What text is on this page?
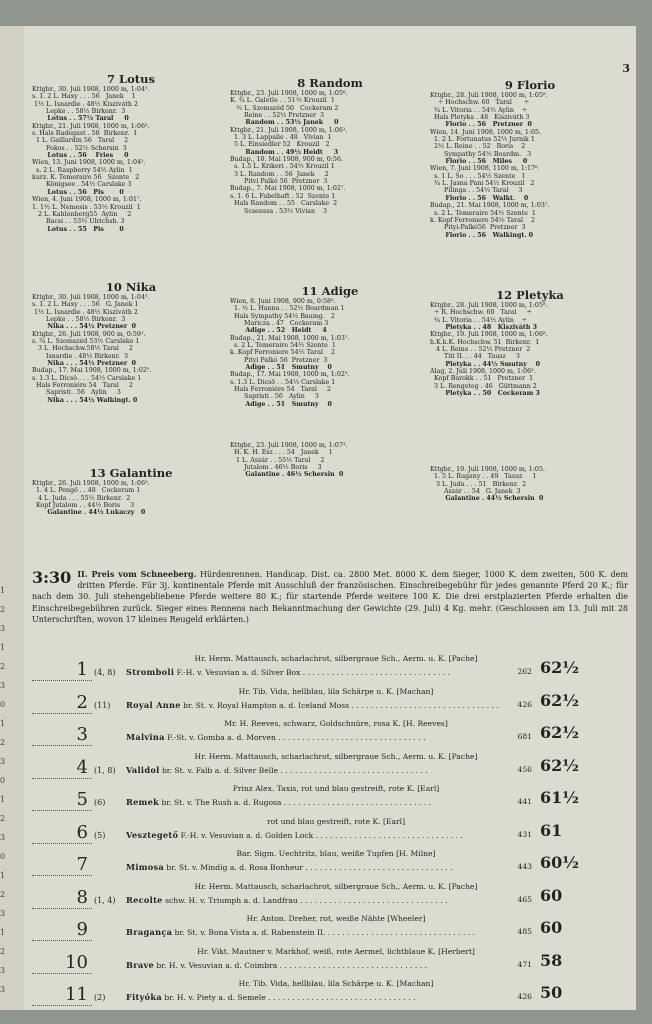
1
2
3
1
2
3
0
1
2
3
0
1
2
3
0
1
2
3
1
2
3
3
3
7 Lotus
Kttgbr., 30. Juli 1908, 1000 m, 1:04⁵.
s. 1. 2 L. Haxy . . . 56   Janek    1
1½ L. Isnardie . 48½ Kisziváth 2
Lepke . . 58½ Birkenr.  3
Lotus . . 57½ Taral     0
Kttgbr., 21. Juli 1908, 1000 m, 1:06².
s. Hals Radegast . 58  Birkenr.  1
1 L. Gaillardin 56   Taral     2
Fokos . . 52½ Schersin  3
Lotus . . 56    Fries     0
Wien, 13. Juni 1908, 1000 m, 1:04².
s. 2 L. Raspberry 54½ Aylin  1
kurz. K. Temeraire 56   Szente   2
Königsee . 54½ Carslake 3
Lotus . . 56   Pis       0
Wien, 4. Juni 1908, 1000 m, 1:01⁷.
1. 1½ L. Nemesis . 53½ Krouzil  1
2 L. Kahlenberg55  Aylin     2
Bacsi . . 53½ Ulrichsh. 3
Lotus . . 55   Pis       0
8 Random
Kttgbr., 23. Juli 1908, 1000 m, 1:05⁶.
K. ¾ L. Galetle . . 51½ Krouzil  1
½ L. Szomszéd 50   Cockeram 2
Reine . . 52½ Pretzner  3
Random . . 53½ Janek     0
Kttgbr., 21. Juli 1908, 1000 m, 1:06¹.
1. 3 L. Lappalie . 48   Vivian  1
5 L. Einsiedler 52   Krouzil   2
Random . . 49½ Heidt     3
Budap., 10. Mai 1908, 900 m, 0:56.
s. 1.5 L. Krikeri . 54½ Krouzil 1
3 L. Random . . 56  Janek     2
Pitvi Palkó 56  Pretzner  3
Budap., 7. Mai 1908, 1000 m, 1:02⁷.
s. 1. 6 L. Fabelhaft . 52  Szente 1
Hals Random . . 55   Carslake  2
Scsesusa . 53½ Vivian    3
9 Florio
Kttgbr., 28. Juli 1908, 1000 m, 1:05⁸.
÷ Hochschw. 60   Taral      ÷
¾ L. Vitoria . . 54½ Aylin    ÷
Hals Pletyka . 48   Kisziváth 3
Florio . . 56   Pretzner  0
Wien, 14. Juni 1908, 1000 m, 1:05.
1. 2 L. Fortunatus 52½ Jurnik 1
2½ L. Reine . . 52   Boris    2
Sympathy 54½ Boardm.   3
Florio . . 56   Miles     0
Wien, 7. Juni 1908, 1100 m, 1:17⁶.
s. 1 L. So . . . 54½ Szente   1
¾ L. Jasna Pani 54½ Krouzil   2
Pilinga . . 54½ Taral     3
Florio . . 56   Walkt.    0
Budap., 21. Mai 1908, 1000 m, 1:03⁷.
s. 2 L. Temeraire 54½ Szente  1
k. Kopf Ferroniere 54½ Taral    2
Pityi-Palkó56  Pretzner  3
Florio . . 56   Walkingt. 0
10 Nika
Kttgbr., 30. Juli 1908, 1000 m, 1:04⁵.
s. 1. 2 L. Haxy . . . 56   G. Janek 1
1½ L. Isnardie . 48½ Kisziváth 2
Lepke . . 58½ Birkenr.  3
Nika . . . 54½ Pretzner  0
Kttgbr., 26. Juli 1908, 900 m, 0:59¹.
s. ¾ L. Szomszéd 53½ Carslake 1
3 L. Hochschw.58½ Taral     2
Isnardie . 48½ Birkenr.  3
Nika . . . 54½ Pretzner  0
Budap., 17. Mai 1908, 1000 m, 1:02⁵.
s. 1.3 L. Dicsö . . . 54½ Carslake 1
Hals Ferroniére 54   Taral     2
Sapristi . 56   Aylin     3
Nika . . . 54½ Walkingt. 0
11 Adige
Wien, 8. Juni 1908, 900 m, 0:58³.
1. ½ L. Hanna . . 52½ Boardman 1
Hals Sympathy 54½ Baumg.   2
Maricza . 47   Cockeram 3
Adige . . 52   Heidt     4
Budap., 21. Mai 1908, 1000 m, 1:03⁷.
s. 2 L. Temeraire 54½ Szente  1
k. Kopf Ferroniere 54½ Taral    2
Pityi Palkó 56  Pretzner  3
Adige . . 51   Smutny    0
Budap., 17. Mai 1908, 1000 m, 1:02⁵.
s. 1.3 L. Dicsö . . 54½ Carslake 1
Hals Ferroniére 54   Taral     2
Sapristi . 56   Aylin     3
Adige . . 51   Smutny    0
12 Pletyka
Kttgbr., 28. Juli 1908, 1000 m, 1:05⁸.
÷ R. Hochschw. 60   Taral     ÷
¾ L. Vitoria . . 54½ Aylin    ÷
Pletyka . . 48   Kisziváth 3
Kttgbr., 19. Juli 1908, 1000 m, 1:06⁸.
h.K.k.K. Hochschw. 51  Birkenr.  1
4 L. Reine . . 52½ Pretzner  2
Titi II. . . 44   Tausz     3
Pletyka . . 44½ Smutny    0
Alag, 2. Juli 1908, 1000 m, 1:06².
Kopf Barokk . . 51   Pretzner  1
3 L. Rengeteg . 46   Güttmann 2
Pletyka . . 50   Cockeram 3
13 Galantine
Kttgbr., 26. Juli 1908, 1000 m, 1:06⁹.
1. 4 L. Pengö . . 48   Cockeram 1
4 L. Juda . . . 55½ Birkenr.  2
Kopf Jutalom . . 44½ Boris     3
Galantine . 44½ Lukaczy   0
Kttgbr., 23. Juli 1908, 1000 m, 1:07³.
H. K. H. Esz . . . 54   Janek     1
1 L. Aszár . . 55½ Taral     2
Jutalom . 46½ Boris     3
Galantine . 46½ Schersin  0
Kttgbr., 19. Juli 1908, 1000 m, 1:05.
1. 5 L. Rugany . . 49   Tausz     1
3 L. Juda . . . 51   Birkenr.  2
Aszár . . 54   G. Janek  3
Galantine . 44½ Schersin  0
3:30 II. Preis vom Schneeberg. Hürdenrennen. Handicap. Dist. ca. 2800 Met. 8000 K. dem Sieger, 1000 K. dem zweiten, 500 K. dem dritten Pferde. Für 3j. kontinentale Pferde mit Ausschluß der französischen. Einschreibegebühr für jedes genannte Pferd 20 K.; für nach dem 30. Juli stehengebliebene Pferde weitere 80 K.; für startende Pferde weitere 100 K. Die drei erstplazierten Pferde erhalten die Einschreibegebühren zurück. Sieger eines Rennens nach Bekanntmachung der Gewichte (29. Juli) 4 Kg. mehr. (Geschlossen am 13. Juli mit 28 Unterschriften, wovon 17 kleines Reugeld erklärten.)
1 (4, 8)
Hr. Herm. Mattausch, scharlachrot, silbergraue Sch., Aerm. u. K. [Pache]
Stromboli F.-H. v. Vesuvian a. d. Silver Box . . . . . . . . . . . . . . . . . . . . . . . . . . . . . . .	262 62½
2 (11)
Hr. Tib. Vida, hellblau, lila Schärpe u. K. [Machan]
Royal Anne br. St. v. Royal Hampton a. d. Iceland Moss . . . . . . . . . . . . . . . . . . . . . . . . . . . . . . .	426 62½
3
Mr. H. Reeves, schwarz, Goldschnüre, rosa K. [H. Reeves]
Malvina F.-St. v. Gomba a. d. Morven . . . . . . . . . . . . . . . . . . . . . . . . . . . . . . .	681 62½
4 (1, 8)
Hr. Herm. Mattausch, scharlachrot, silbergraue Sch., Aerm. u. K. [Pache]
Validol br. St. v. Falb a. d. Silver Belle . . . . . . . . . . . . . . . . . . . . . . . . . . . . . . .	456 62½
5 (6)
Prinz Alex. Taxis, rot und blau gestreift, rote K. [Earl]
Remek br. St. v. The Rush a. d. Rugosa . . . . . . . . . . . . . . . . . . . . . . . . . . . . . . .	441 61½
6 (5)
rot und blau gestreift, rote K. [Earl]
Vesztegető F.-H. v. Vesuvian a. d. Golden Lock . . . . . . . . . . . . . . . . . . . . . . . . . . . . . . .	431 61
7
Bar. Sigm. Uechtritz, blau, weiße Tupfen [H. Milne]
Mimosa br. St. v. Mindig a. d. Rosa Bonheur . . . . . . . . . . . . . . . . . . . . . . . . . . . . . . .	443 60½
8 (1, 4)
Hr. Herm. Mattausch, scharlachrot, silbergraue Sch., Aerm. u. K. [Pache]
Recolte schw. H. v. Triumph a. d. Landfrau . . . . . . . . . . . . . . . . . . . . . . . . . . . . . . .	465 60
9
Hr. Anton. Dreher, rot, weiße Nähte [Wheeler]
Bragança br. St. v. Bona Vista a. d. Rabenstein II. . . . . . . . . . . . . . . . . . . . . . . . . . . . . . . .	485 60
10
Hr. Vikt. Mautner v. Markhof, weiß, rote Aermel, lichtblaue K. [Herbert]
Brave br. H. v. Vesuvian a. d. Coimbra . . . . . . . . . . . . . . . . . . . . . . . . . . . . . . .	471 58
11 (2)
Hr. Tib. Vida, hellblau, lila Schärpe u. K. [Machan]
Fityóka br. H. v. Piety a. d. Semele . . . . . . . . . . . . . . . . . . . . . . . . . . . . . . .	426 50
